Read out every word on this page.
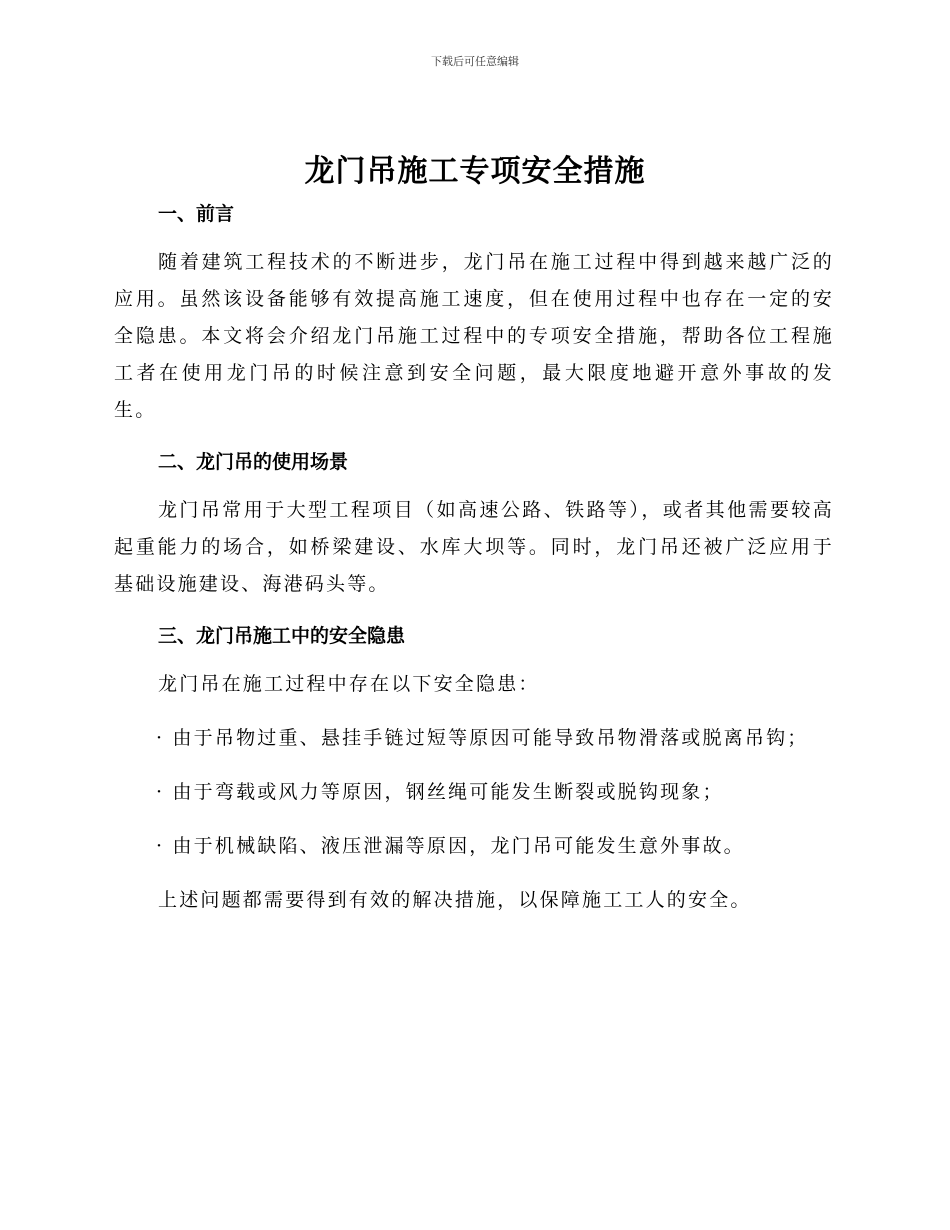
下载后可任意编辑
龙门吊施工专项安全措施
一、前言

随着建筑工程技术的不断进步，龙门吊在施工过程中得到越来越广泛的应用。虽然该设备能够有效提高施工速度，但在使用过程中也存在一定的安全隐患。本文将会介绍龙门吊施工过程中的专项安全措施，帮助各位工程施工者在使用龙门吊的时候注意到安全问题，最大限度地避开意外事故的发生。

二、龙门吊的使用场景

龙门吊常用于大型工程项目（如高速公路、铁路等），或者其他需要较高起重能力的场合，如桥梁建设、水库大坝等。同时，龙门吊还被广泛应用于基础设施建设、海港码头等。

三、龙门吊施工中的安全隐患

龙门吊在施工过程中存在以下安全隐患：

· 由于吊物过重、悬挂手链过短等原因可能导致吊物滑落或脱离吊钩；

· 由于弯载或风力等原因，钢丝绳可能发生断裂或脱钩现象；

· 由于机械缺陷、液压泄漏等原因，龙门吊可能发生意外事故。

上述问题都需要得到有效的解决措施，以保障施工工人的安全。
